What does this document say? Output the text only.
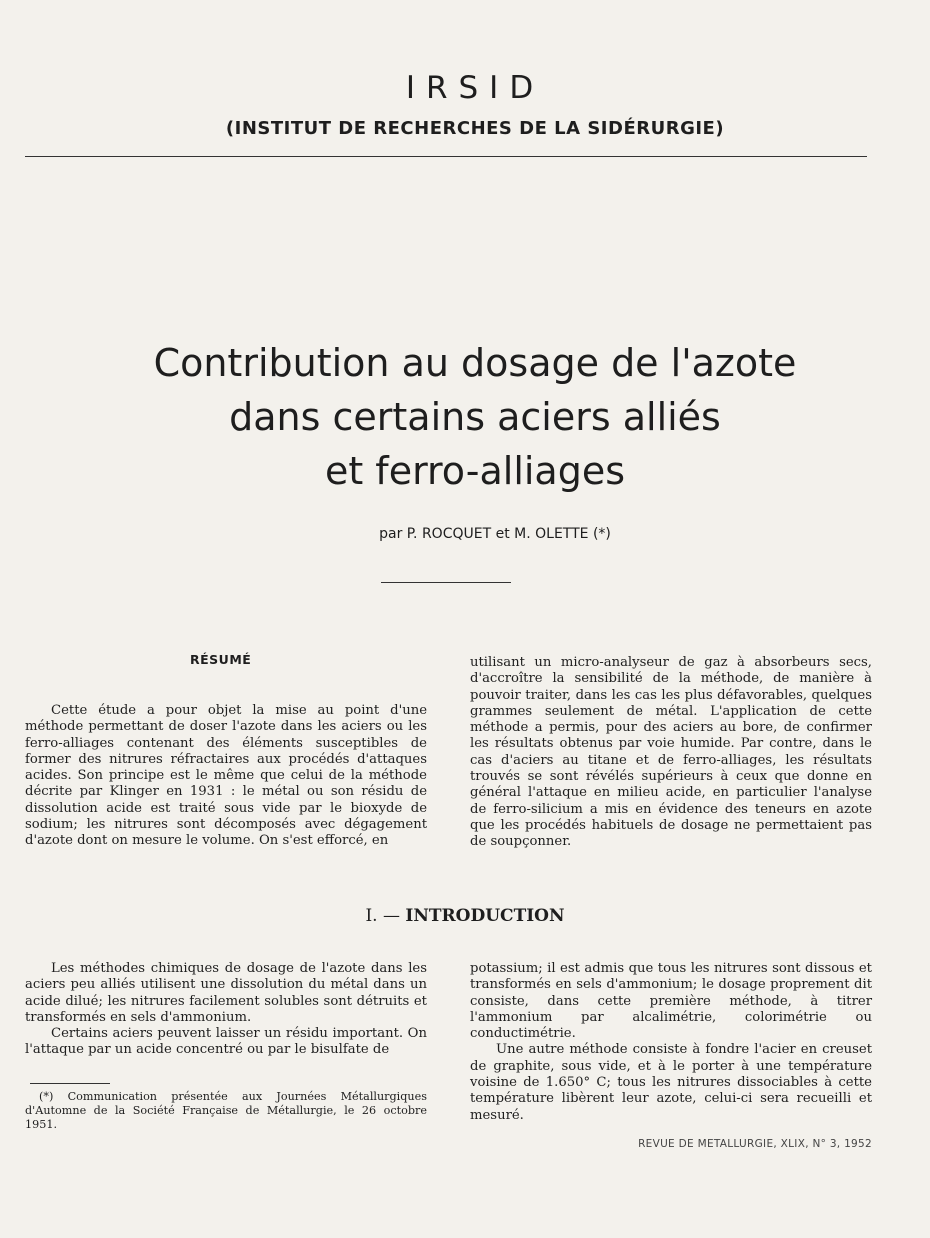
IRSID
(INSTITUT DE RECHERCHES DE LA SIDÉRURGIE)
Contribution au dosage de l'azote
dans certains aciers alliés
et ferro-alliages
par P. ROCQUET et M. OLETTE (*)
RÉSUMÉ

Cette étude a pour objet la mise au point d'une méthode permettant de doser l'azote dans les aciers ou les ferro-alliages contenant des éléments susceptibles de former des nitrures réfractaires aux procédés d'attaques acides. Son principe est le même que celui de la méthode décrite par Klinger en 1931 : le métal ou son résidu de dissolution acide est traité sous vide par le bioxyde de sodium; les nitrures sont décomposés avec dégagement d'azote dont on mesure le volume. On s'est efforcé, en

utilisant un micro-analyseur de gaz à absorbeurs secs, d'accroître la sensibilité de la méthode, de manière à pouvoir traiter, dans les cas les plus défavorables, quelques grammes seulement de métal. L'application de cette méthode a permis, pour des aciers au bore, de confirmer les résultats obtenus par voie humide. Par contre, dans le cas d'aciers au titane et de ferro-alliages, les résultats trouvés se sont révélés supérieurs à ceux que donne en général l'attaque en milieu acide, en particulier l'analyse de ferro-silicium a mis en évidence des teneurs en azote que les procédés habituels de dosage ne permettaient pas de soupçonner.

I. — INTRODUCTION

Les méthodes chimiques de dosage de l'azote dans les aciers peu alliés utilisent une dissolution du métal dans un acide dilué; les nitrures facilement solubles sont détruits et transformés en sels d'ammonium.

Certains aciers peuvent laisser un résidu important. On l'attaque par un acide concentré ou par le bisulfate de

(*) Communication présentée aux Journées Métallurgiques d'Automne de la Société Française de Métallurgie, le 26 octobre 1951.

potassium; il est admis que tous les nitrures sont dissous et transformés en sels d'ammonium; le dosage proprement dit consiste, dans cette première méthode, à titrer l'ammonium par alcalimétrie, colorimétrie ou conductimétrie.

Une autre méthode consiste à fondre l'acier en creuset de graphite, sous vide, et à le porter à une température voisine de 1.650° C; tous les nitrures dissociables à cette température libèrent leur azote, celui-ci sera recueilli et mesuré.

REVUE DE METALLURGIE, XLIX, N° 3, 1952
